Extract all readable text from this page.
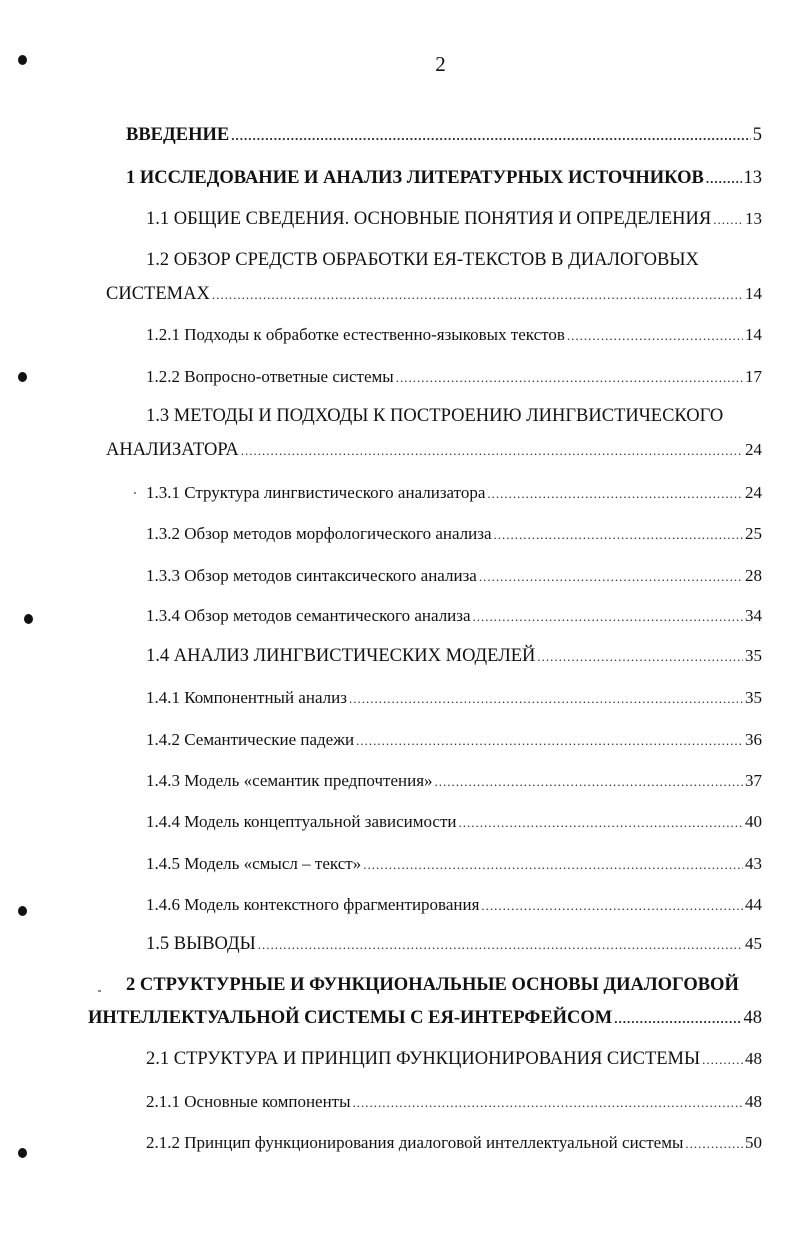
2
ВВЕДЕНИЕ .....	5
1 ИССЛЕДОВАНИЕ И АНАЛИЗ ЛИТЕРАТУРНЫХ ИСТОЧНИКОВ ..... 13
1.1 ОБЩИЕ СВЕДЕНИЯ. ОСНОВНЫЕ ПОНЯТИЯ И ОПРЕДЕЛЕНИЯ ..... 13
1.2 ОБЗОР СРЕДСТВ ОБРАБОТКИ ЕЯ-ТЕКСТОВ В ДИАЛОГОВЫХ
СИСТЕМАХ .....	14
1.2.1 Подходы к обработке естественно-языковых текстов .....	14
1.2.2 Вопросно-ответные системы .....	17
1.3 МЕТОДЫ И ПОДХОДЫ К ПОСТРОЕНИЮ ЛИНГВИСТИЧЕСКОГО
АНАЛИЗАТОРА .....	24
1.3.1 Структура лингвистического анализатора .....	24
1.3.2 Обзор методов морфологического анализа .....	25
1.3.3 Обзор методов синтаксического анализа .....	28
1.3.4 Обзор методов семантического анализа .....	34
1.4 АНАЛИЗ ЛИНГВИСТИЧЕСКИХ МОДЕЛЕЙ .....	35
1.4.1 Компонентный анализ .....	35
1.4.2 Семантические падежи .....	36
1.4.3 Модель «семантик предпочтения» .....	37
1.4.4 Модель концептуальной зависимости .....	40
1.4.5 Модель «смысл – текст» .....	43
1.4.6 Модель контекстного фрагментирования .....	44
1.5 ВЫВОДЫ .....	45
2 СТРУКТУРНЫЕ И ФУНКЦИОНАЛЬНЫЕ ОСНОВЫ ДИАЛОГОВОЙ
ИНТЕЛЛЕКТУАЛЬНОЙ СИСТЕМЫ С ЕЯ-ИНТЕРФЕЙСОМ .....	48
2.1 СТРУКТУРА И ПРИНЦИП ФУНКЦИОНИРОВАНИЯ СИСТЕМЫ .....	48
2.1.1 Основные компоненты .....	48
2.1.2 Принцип функционирования диалоговой интеллектуальной системы .....	50
